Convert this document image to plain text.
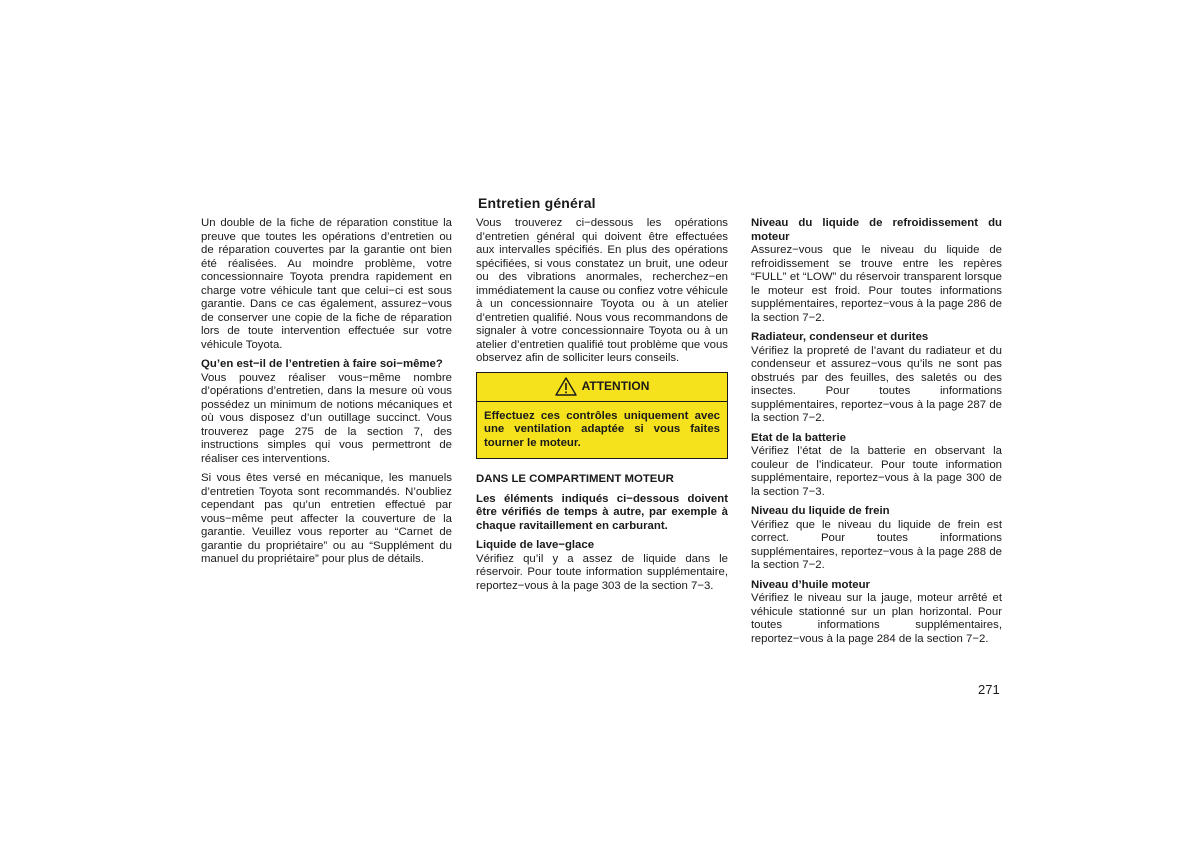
Entretien général

Un double de la fiche de réparation constitue la preuve que toutes les opérations d’entretien ou de réparation couvertes par la garantie ont bien été réalisées. Au moindre problème, votre concessionnaire Toyota prendra rapidement en charge votre véhicule tant que celui−ci est sous garantie. Dans ce cas également, assurez−vous de conserver une copie de la fiche de réparation lors de toute intervention effectuée sur votre véhicule Toyota.

Qu’en est−il de l’entretien à faire soi−même?

Vous pouvez réaliser vous−même nombre d’opérations d’entretien, dans la mesure où vous possédez un minimum de notions mécaniques et où vous disposez d’un outillage succinct. Vous trouverez page 275 de la section 7, des instructions simples qui vous permettront de réaliser ces interventions.

Si vous êtes versé en mécanique, les manuels d’entretien Toyota sont recommandés. N’oubliez cependant pas qu’un entretien effectué par vous−même peut affecter la couverture de la garantie. Veuillez vous reporter au “Carnet de garantie du propriétaire” ou au “Supplément du manuel du propriétaire” pour plus de détails.

Vous trouverez ci−dessous les opérations d’entretien général qui doivent être effectuées aux intervalles spécifiés. En plus des opérations spécifiées, si vous constatez un bruit, une odeur ou des vibrations anormales, recherchez−en immédiatement la cause ou confiez votre véhicule à un concessionnaire Toyota ou à un atelier d’entretien qualifié. Nous vous recommandons de signaler à votre concessionnaire Toyota ou à un atelier d’entretien qualifié tout problème que vous observez afin de solliciter leurs conseils.

ATTENTION
Effectuez ces contrôles uniquement avec une ventilation adaptée si vous faites tourner le moteur.

DANS LE COMPARTIMENT MOTEUR

Les éléments indiqués ci−dessous doivent être vérifiés de temps à autre, par exemple à chaque ravitaillement en carburant.

Liquide de lave−glace

Vérifiez qu’il y a assez de liquide dans le réservoir. Pour toute information supplémentaire, reportez−vous à la page 303 de la section 7−3.

Niveau du liquide de refroidissement du moteur

Assurez−vous que le niveau du liquide de refroidissement se trouve entre les repères “FULL” et “LOW” du réservoir transparent lorsque le moteur est froid. Pour toutes informations supplémentaires, reportez−vous à la page 286 de la section 7−2.

Radiateur, condenseur et durites

Vérifiez la propreté de l’avant du radiateur et du condenseur et assurez−vous qu’ils ne sont pas obstrués par des feuilles, des saletés ou des insectes. Pour toutes informations supplémentaires, reportez−vous à la page 287 de la section 7−2.

Etat de la batterie

Vérifiez l’état de la batterie en observant la couleur de l’indicateur. Pour toute information supplémentaire, reportez−vous à la page 300 de la section 7−3.

Niveau du liquide de frein

Vérifiez que le niveau du liquide de frein est correct. Pour toutes informations supplémentaires, reportez−vous à la page 288 de la section 7−2.

Niveau d’huile moteur

Vérifiez le niveau sur la jauge, moteur arrêté et véhicule stationné sur un plan horizontal. Pour toutes informations supplémentaires, reportez−vous à la page 284 de la section 7−2.

271
